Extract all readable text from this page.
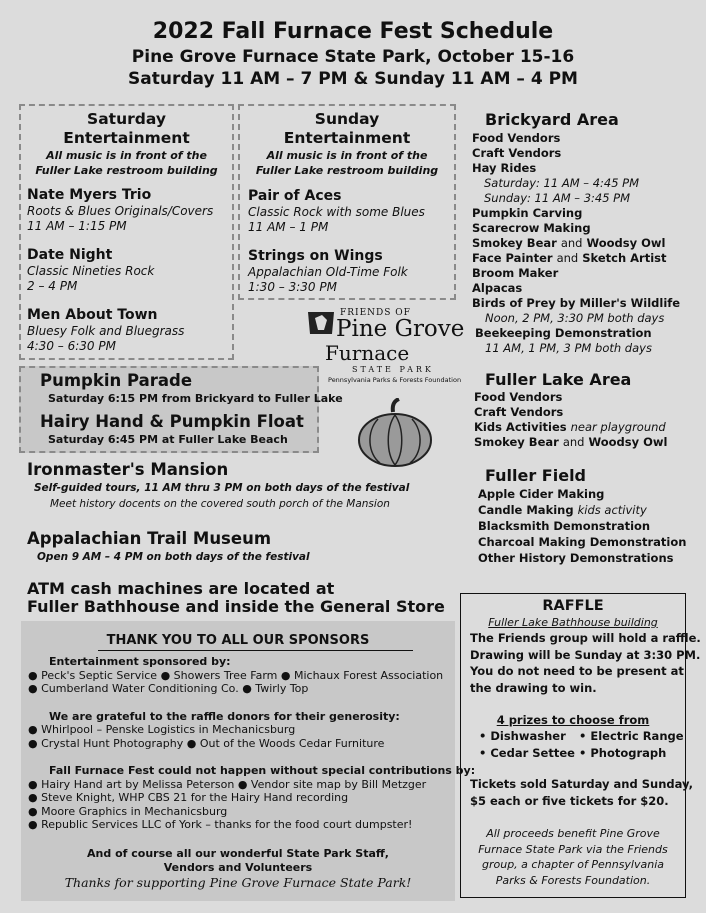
2022 Fall Furnace Fest Schedule
Pine Grove Furnace State Park, October 15-16
Saturday 11 AM – 7 PM & Sunday 11 AM – 4 PM
Saturday
Entertainment
All music is in front of the
Fuller Lake restroom building
Nate Myers Trio
Roots & Blues Originals/Covers
11 AM – 1:15 PM
Date Night
Classic Nineties Rock
2 – 4 PM
Men About Town
Bluesy Folk and Bluegrass
4:30 – 6:30 PM
Sunday
Entertainment
All music is in front of the
Fuller Lake restroom building
Pair of Aces
Classic Rock with some Blues
11 AM – 1 PM
Strings on Wings
Appalachian Old-Time Folk
1:30 – 3:30 PM
FRIENDS OF
Pine Grove
Furnace
STATE PARK
Pennsylvania Parks & Forests Foundation
Pumpkin Parade
Saturday 6:15 PM from Brickyard to Fuller Lake
Hairy Hand & Pumpkin Float
Saturday 6:45 PM at Fuller Lake Beach
Ironmaster's Mansion
Self-guided tours, 11 AM thru 3 PM on both days of the festival
Meet history docents on the covered south porch of the Mansion
Appalachian Trail Museum
Open 9 AM – 4 PM on both days of the festival
ATM cash machines are located at
Fuller Bathhouse and inside the General Store
Brickyard Area
Food Vendors
Craft Vendors
Hay Rides
Saturday: 11 AM – 4:45 PM
Sunday: 11 AM – 3:45 PM
Pumpkin Carving
Scarecrow Making
Smokey Bear and Woodsy Owl
Face Painter and Sketch Artist
Broom Maker
Alpacas
Birds of Prey by Miller's Wildlife
Noon, 2 PM, 3:30 PM both days
Beekeeping Demonstration
11 AM, 1 PM, 3 PM both days
Fuller Lake Area
Food Vendors
Craft Vendors
Kids Activities near playground
Smokey Bear and Woodsy Owl
Fuller Field
Apple Cider Making
Candle Making kids activity
Blacksmith Demonstration
Charcoal Making Demonstration
Other History Demonstrations
THANK YOU TO ALL OUR SPONSORS
Entertainment sponsored by:
● Peck's Septic Service ● Showers Tree Farm ● Michaux Forest Association
● Cumberland Water Conditioning Co. ● Twirly Top
We are grateful to the raffle donors for their generosity:
● Whirlpool – Penske Logistics in Mechanicsburg
● Crystal Hunt Photography ● Out of the Woods Cedar Furniture
Fall Furnace Fest could not happen without special contributions by:
● Hairy Hand art by Melissa Peterson ● Vendor site map by Bill Metzger
● Steve Knight, WHP CBS 21 for the Hairy Hand recording
● Moore Graphics in Mechanicsburg
● Republic Services LLC of York – thanks for the food court dumpster!
And of course all our wonderful State Park Staff,
Vendors and Volunteers
Thanks for supporting Pine Grove Furnace State Park!
RAFFLE
Fuller Lake Bathhouse building
The Friends group will hold a raffle.
Drawing will be Sunday at 3:30 PM.
You do not need to be present at
the drawing to win.
4 prizes to choose from
• Dishwasher • Electric Range
• Cedar Settee • Photograph
Tickets sold Saturday and Sunday,
$5 each or five tickets for $20.
All proceeds benefit Pine Grove
Furnace State Park via the Friends
group, a chapter of Pennsylvania
Parks & Forests Foundation.
